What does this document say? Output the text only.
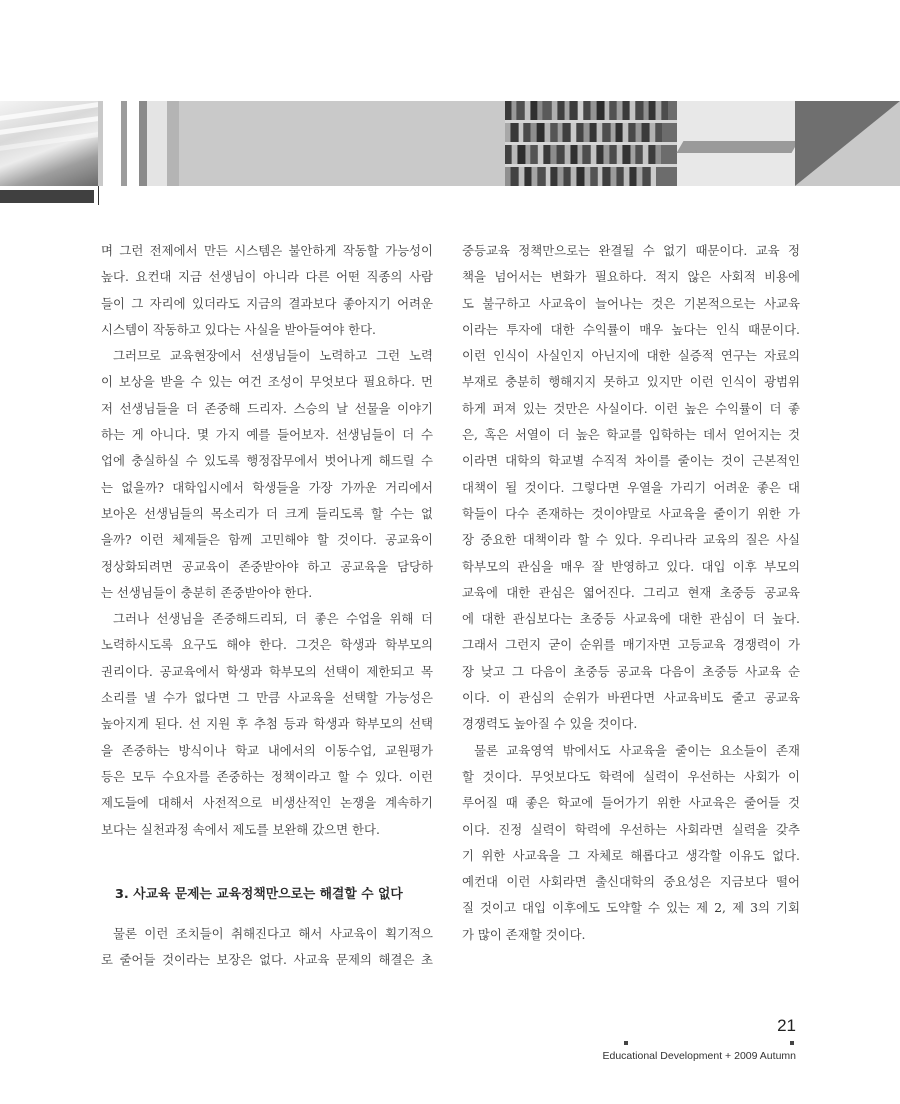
며 그런 전제에서 만든 시스템은 불안하게 작동할 가능성이
높다. 요컨대 지금 선생님이 아니라 다른 어떤 직종의 사람
들이 그 자리에 있더라도 지금의 결과보다 좋아지기 어려운
시스템이 작동하고 있다는 사실을 받아들여야 한다.
그러므로 교육현장에서 선생님들이 노력하고 그런 노력
이 보상을 받을 수 있는 여건 조성이 무엇보다 필요하다. 먼
저 선생님들을 더 존중해 드리자. 스승의 날 선물을 이야기
하는 게 아니다. 몇 가지 예를 들어보자. 선생님들이 더 수
업에 충실하실 수 있도록 행정잡무에서 벗어나게 해드릴 수
는 없을까? 대학입시에서 학생들을 가장 가까운 거리에서
보아온 선생님들의 목소리가 더 크게 들리도록 할 수는 없
을까? 이런 체제들은 함께 고민해야 할 것이다. 공교육이
정상화되려면 공교육이 존중받아야 하고 공교육을 담당하
는 선생님들이 충분히 존중받아야 한다.
그러나 선생님을 존중해드리되, 더 좋은 수업을 위해 더
노력하시도록 요구도 해야 한다. 그것은 학생과 학부모의
권리이다. 공교육에서 학생과 학부모의 선택이 제한되고 목
소리를 낼 수가 없다면 그 만큼 사교육을 선택할 가능성은
높아지게 된다. 선 지원 후 추첨 등과 학생과 학부모의 선택
을 존중하는 방식이나 학교 내에서의 이동수업, 교원평가
등은 모두 수요자를 존중하는 정책이라고 할 수 있다. 이런
제도들에 대해서 사전적으로 비생산적인 논쟁을 계속하기
보다는 실천과정 속에서 제도를 보완해 갔으면 한다.
3. 사교육 문제는 교육정책만으로는 해결할 수 없다
물론 이런 조치들이 취해진다고 해서 사교육이 획기적으
로 줄어들 것이라는 보장은 없다. 사교육 문제의 해결은 초
중등교육 정책만으로는 완결될 수 없기 때문이다. 교육 정
책을 넘어서는 변화가 필요하다. 적지 않은 사회적 비용에
도 불구하고 사교육이 늘어나는 것은 기본적으로는 사교육
이라는 투자에 대한 수익률이 매우 높다는 인식 때문이다.
이런 인식이 사실인지 아닌지에 대한 실증적 연구는 자료의
부재로 충분히 행해지지 못하고 있지만 이런 인식이 광범위
하게 퍼져 있는 것만은 사실이다. 이런 높은 수익률이 더 좋
은, 혹은 서열이 더 높은 학교를 입학하는 데서 얻어지는 것
이라면 대학의 학교별 수직적 차이를 줄이는 것이 근본적인
대책이 될 것이다. 그렇다면 우열을 가리기 어려운 좋은 대
학들이 다수 존재하는 것이야말로 사교육을 줄이기 위한 가
장 중요한 대책이라 할 수 있다. 우리나라 교육의 질은 사실
학부모의 관심을 매우 잘 반영하고 있다. 대입 이후 부모의
교육에 대한 관심은 엷어진다. 그리고 현재 초중등 공교육
에 대한 관심보다는 초중등 사교육에 대한 관심이 더 높다.
그래서 그런지 굳이 순위를 매기자면 고등교육 경쟁력이 가
장 낮고 그 다음이 초중등 공교육 다음이 초중등 사교육 순
이다. 이 관심의 순위가 바뀐다면 사교육비도 줄고 공교육
경쟁력도 높아질 수 있을 것이다.
물론 교육영역 밖에서도 사교육을 줄이는 요소들이 존재
할 것이다. 무엇보다도 학력에 실력이 우선하는 사회가 이
루어질 때 좋은 학교에 들어가기 위한 사교육은 줄어들 것
이다. 진정 실력이 학력에 우선하는 사회라면 실력을 갖추
기 위한 사교육을 그 자체로 해롭다고 생각할 이유도 없다.
예컨대 이런 사회라면 출신대학의 중요성은 지금보다 떨어
질 것이고 대입 이후에도 도약할 수 있는 제 2, 제 3의 기회
가 많이 존재할 것이다.
21
Educational Development + 2009 Autumn
